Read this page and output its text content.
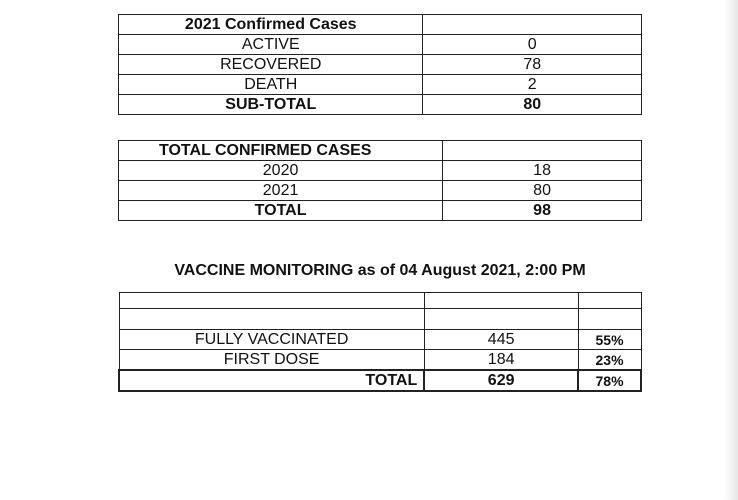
2021 Confirmed Cases	
ACTIVE	0
RECOVERED	78
DEATH	2
SUB-TOTAL	80
TOTAL CONFIRMED CASES	
2020	18
2021	80
TOTAL	98

VACCINE MONITORING as of 04 August 2021, 2:00 PM

FULLY VACCINATED	445	55%
FIRST DOSE	184	23%
TOTAL	629	78%
